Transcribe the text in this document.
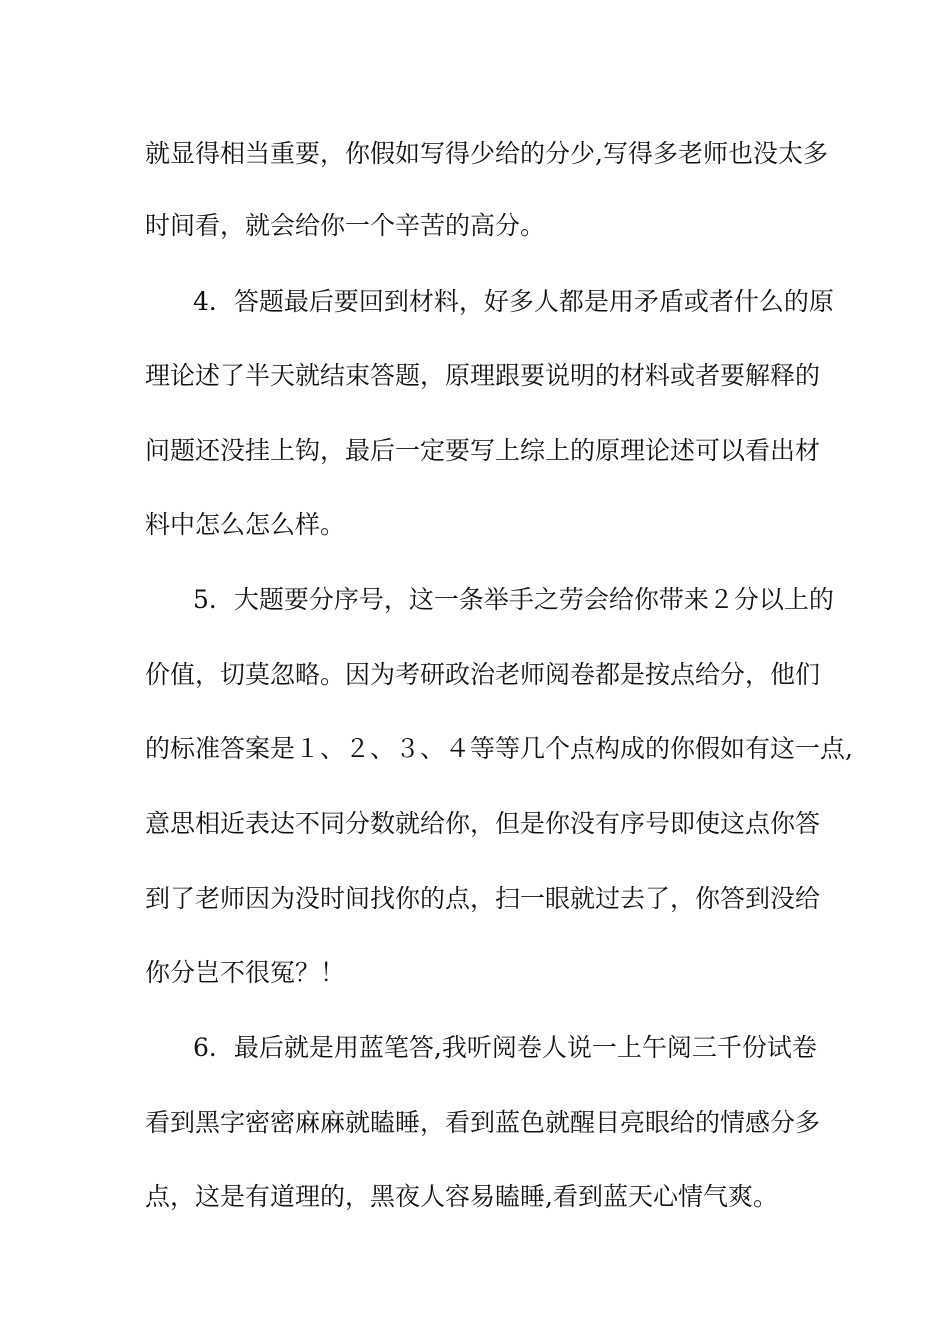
就显得相当重要，你假如写得少给的分少,写得多老师也没太多
时间看，就会给你一个辛苦的高分。
4．答题最后要回到材料，好多人都是用矛盾或者什么的原
理论述了半天就结束答题，原理跟要说明的材料或者要解释的
问题还没挂上钩，最后一定要写上综上的原理论述可以看出材
料中怎么怎么样。
5．大题要分序号，这一条举手之劳会给你带来２分以上的
价值，切莫忽略。因为考研政治老师阅卷都是按点给分，他们
的标准答案是１、２、３、４等等几个点构成的你假如有这一点,
意思相近表达不同分数就给你，但是你没有序号即使这点你答
到了老师因为没时间找你的点，扫一眼就过去了，你答到没给
你分岂不很冤？！
6．最后就是用蓝笔答,我听阅卷人说一上午阅三千份试卷
看到黑字密密麻麻就瞌睡，看到蓝色就醒目亮眼给的情感分多
点，这是有道理的，黑夜人容易瞌睡,看到蓝天心情气爽。
